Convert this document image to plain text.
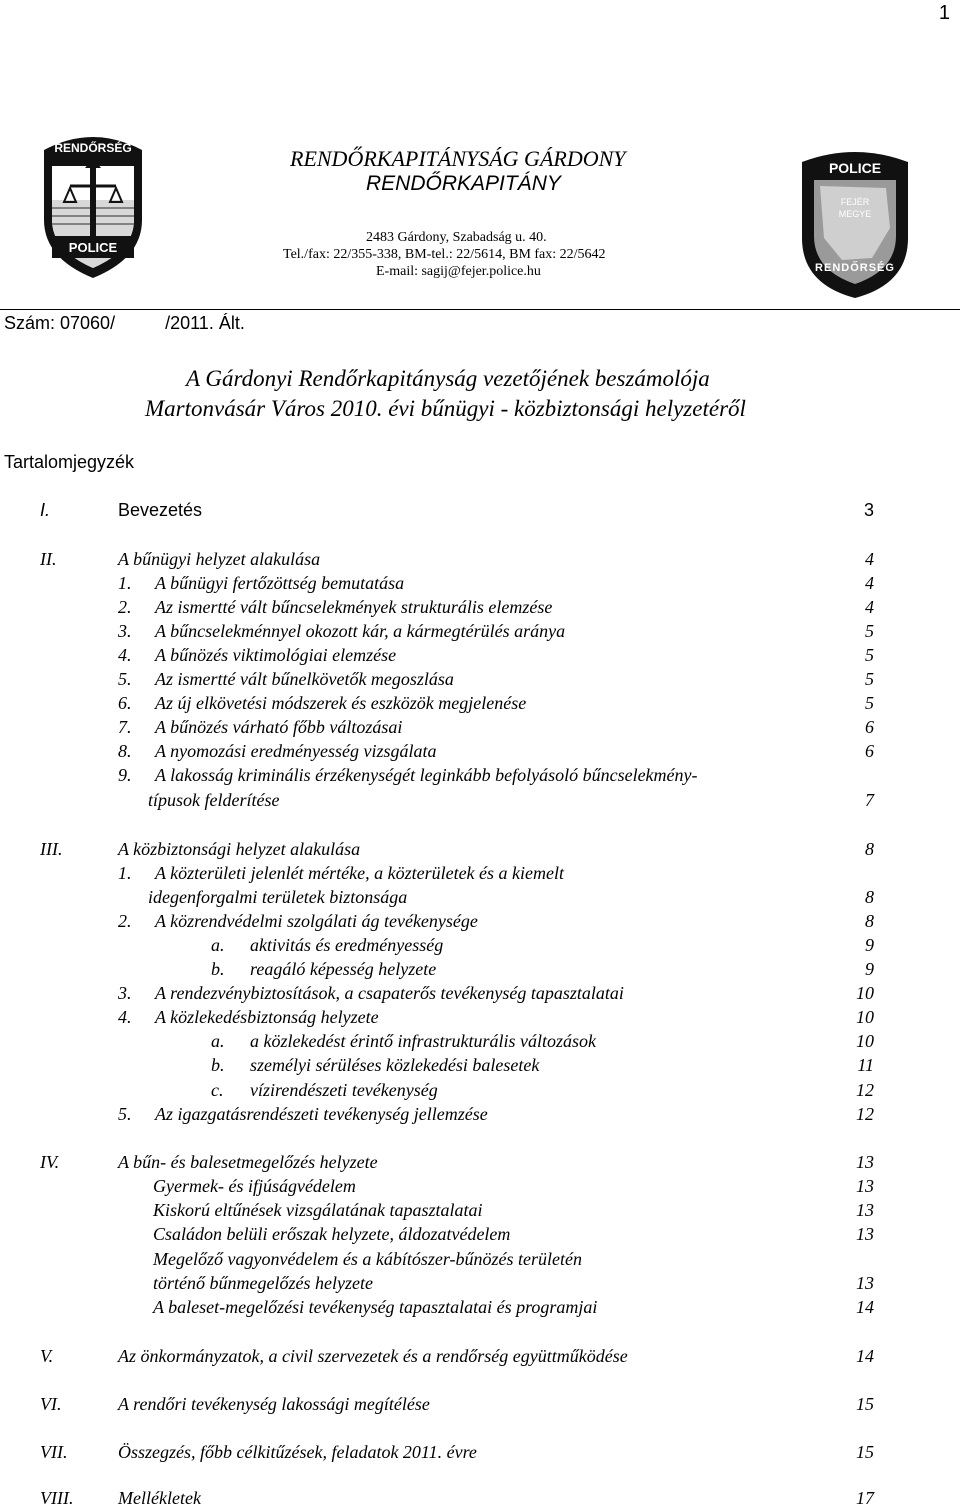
1
RENDŐRSÉG
POLICE
POLICE
FEJÉR
MEGYE
RENDŐRSÉG
RENDŐRKAPITÁNYSÁG GÁRDONY
RENDŐRKAPITÁNY
2483 Gárdony, Szabadság u. 40.
Tel./fax: 22/355-338, BM-tel.: 22/5614, BM fax: 22/5642
E-mail: sagij@fejer.police.hu
Szám: 07060/	/2011. Ált.
A Gárdonyi Rendőrkapitányság vezetőjének beszámolója
Martonvásár Város 2010. évi bűnügyi - közbiztonsági helyzetéről
Tartalomjegyzék
I.	Bevezetés	3
II.	A bűnügyi helyzet alakulása	4
1. A bűnügyi fertőzöttség bemutatása	4
2. Az ismertté vált bűncselekmények strukturális elemzése	4
3. A bűncselekménnyel okozott kár, a kármegtérülés aránya	5
4. A bűnözés viktimológiai elemzése	5
5. Az ismertté vált bűnelkövetők megoszlása	5
6. Az új elkövetési módszerek és eszközök megjelenése	5
7. A bűnözés várható főbb változásai	6
8. A nyomozási eredményesség vizsgálata	6
9. A lakosság kriminális érzékenységét leginkább befolyásoló bűncselekmény-
típusok felderítése	7
III.	A közbiztonsági helyzet alakulása	8
1. A közterületi jelenlét mértéke, a közterületek és a kiemelt
idegenforgalmi területek biztonsága	8
2. A közrendvédelmi szolgálati ág tevékenysége	8
a. aktivitás és eredményesség	9
b. reagáló képesség helyzete	9
3. A rendezvénybiztosítások, a csapaterős tevékenység tapasztalatai	10
4. A közlekedésbiztonság helyzete	10
a. a közlekedést érintő infrastrukturális változások	10
b. személyi sérüléses közlekedési balesetek	11
c. vízirendészeti tevékenység	12
5. Az igazgatásrendészeti tevékenység jellemzése	12
IV.	A bűn- és balesetmegelőzés helyzete	13
Gyermek- és ifjúságvédelem	13
Kiskorú eltűnések vizsgálatának tapasztalatai	13
Családon belüli erőszak helyzete, áldozatvédelem	13
Megelőző vagyonvédelem és a kábítószer-bűnözés területén
történő bűnmegelőzés helyzete	13
A baleset-megelőzési tevékenység tapasztalatai és programjai	14
V.	Az önkormányzatok, a civil szervezetek és a rendőrség együttműködése	14
VI.	A rendőri tevékenység lakossági megítélése	15
VII.	Összegzés, főbb célkitűzések, feladatok 2011. évre	15
VIII. Mellékletek	17
